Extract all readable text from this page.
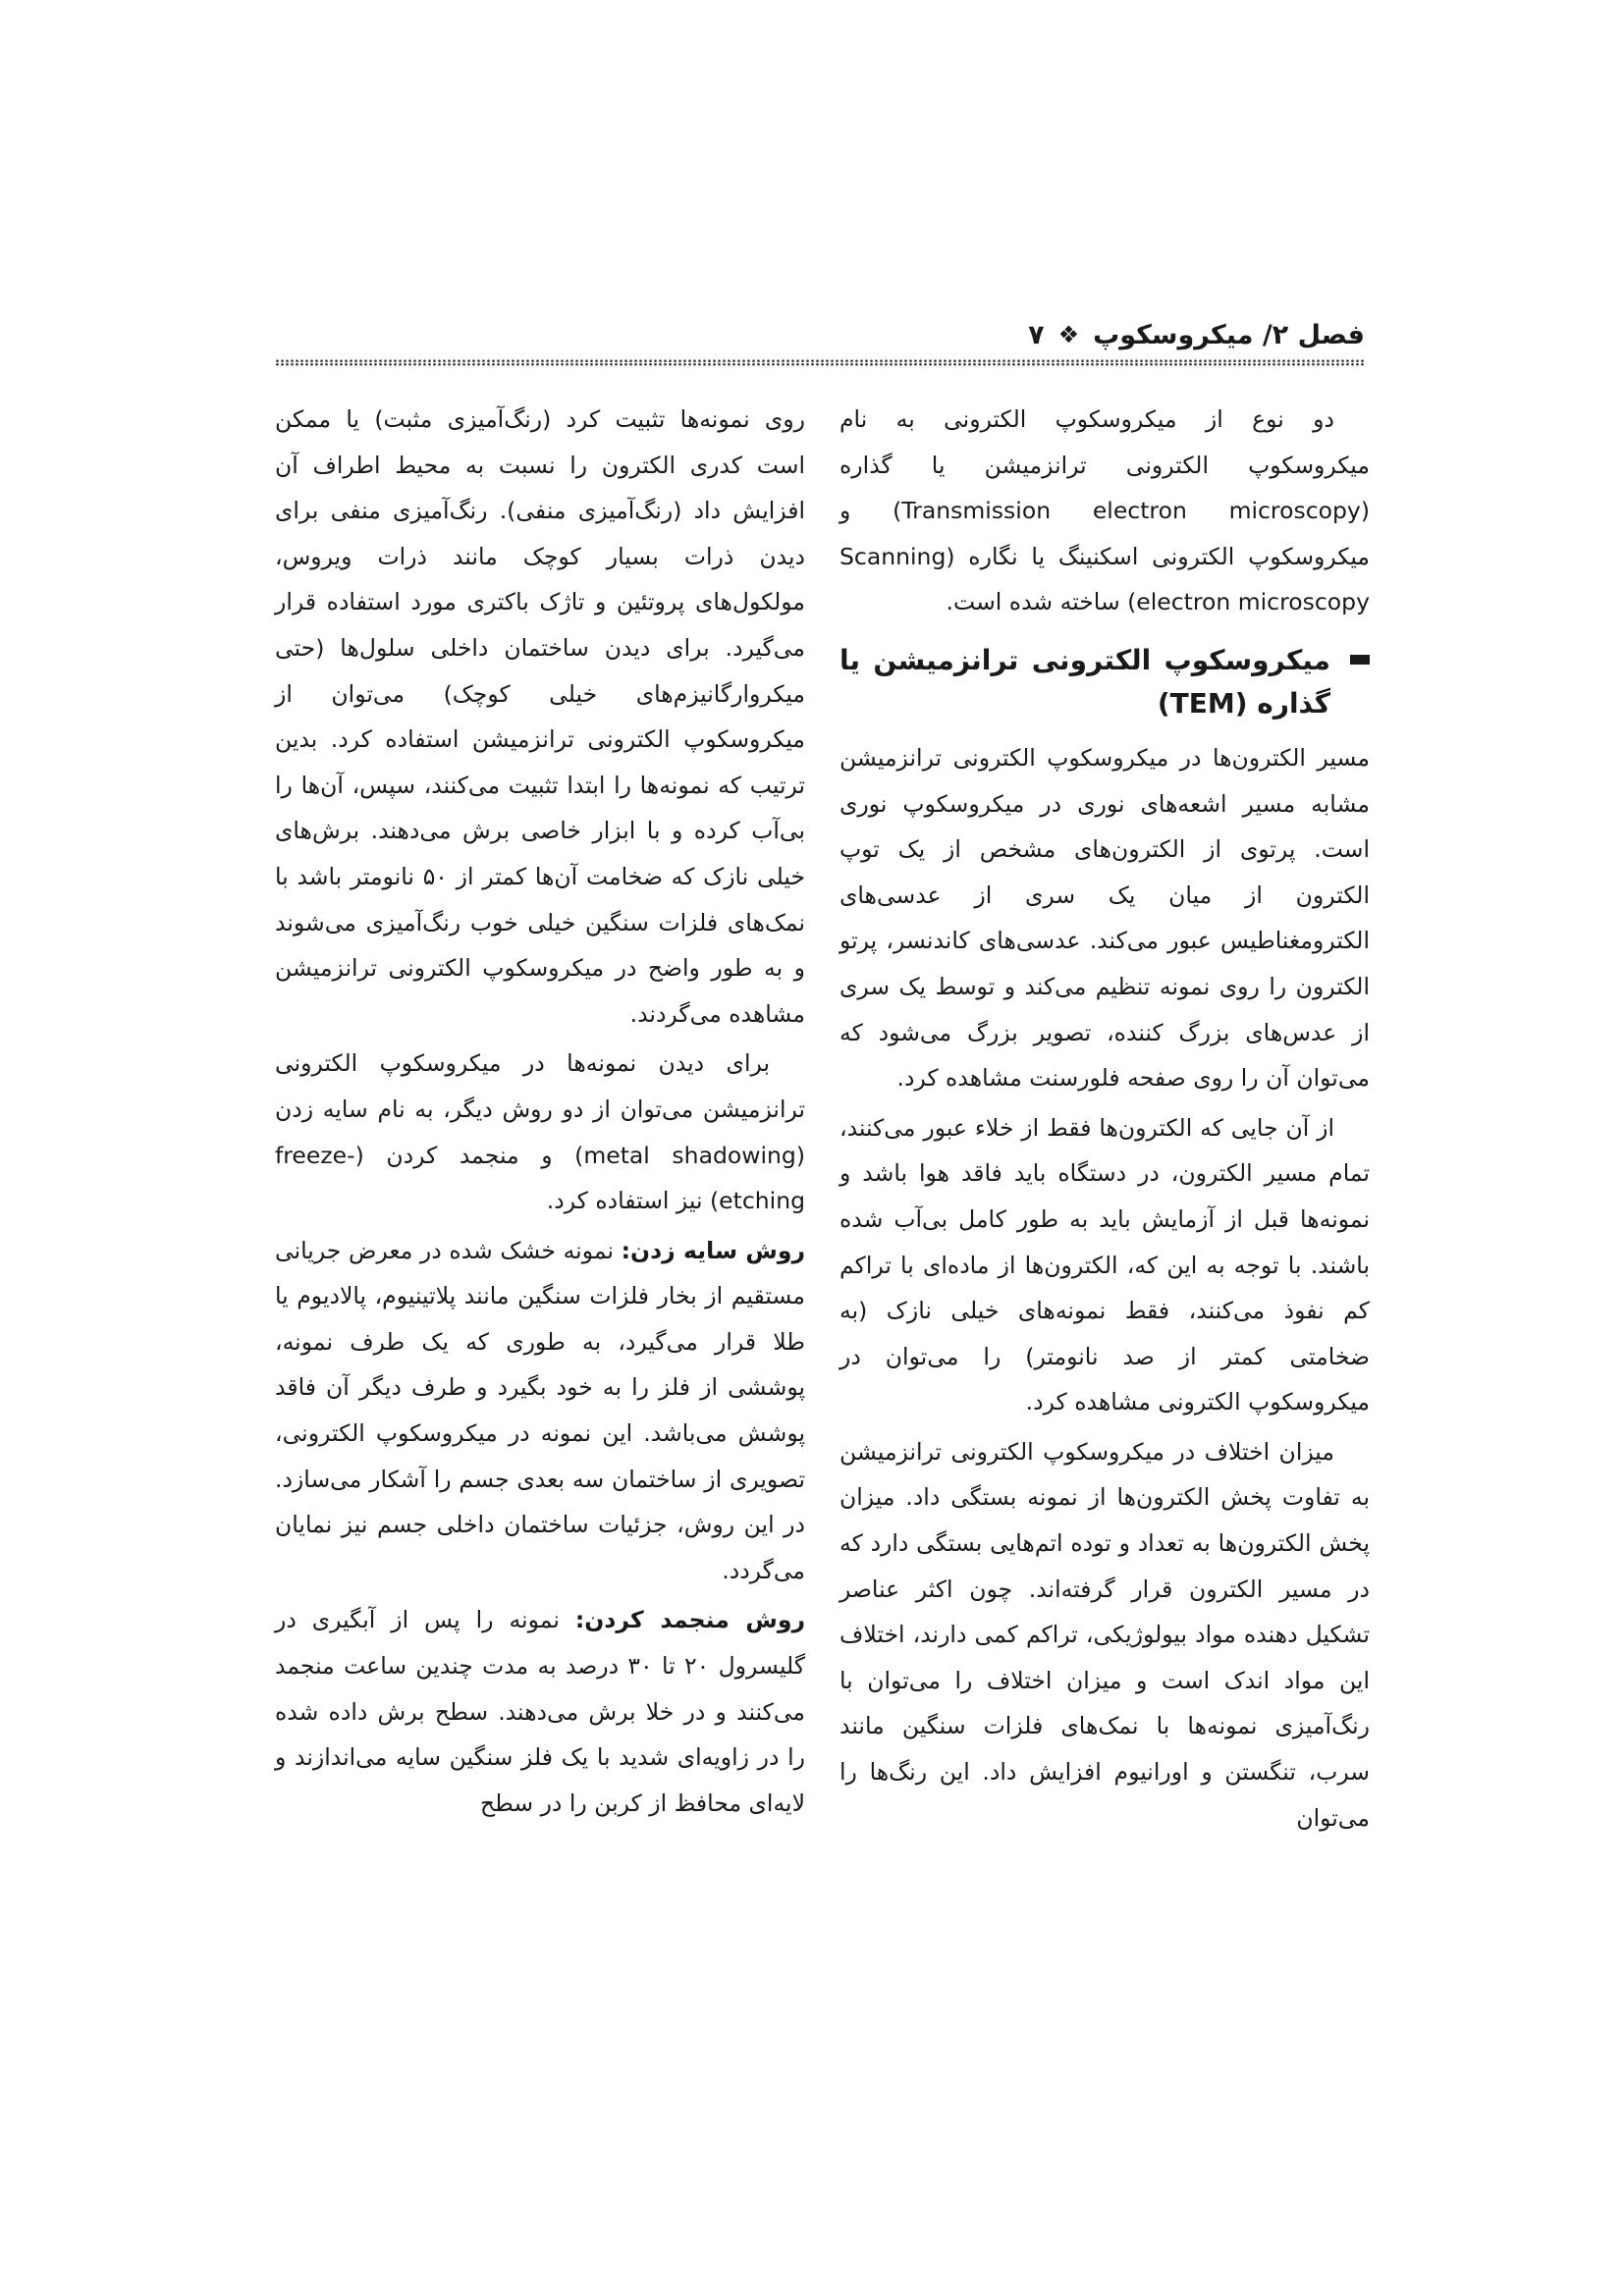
فصل ۲/ میکروسکوپ
❖
۷

دو نوع از میکروسکوپ الکترونی به نام میکروسکوپ الکترونی ترانزمیشن یا گذاره (Transmission electron microscopy) و میکروسکوپ الکترونی اسکنینگ یا نگاره (Scanning electron microscopy) ساخته شده است.

میکروسکوپ الکترونی ترانزمیشن یا گذاره (TEM)

مسیر الکترون‌ها در میکروسکوپ الکترونی ترانزمیشن مشابه مسیر اشعه‌های نوری در میکروسکوپ نوری است. پرتوی از الکترون‌های مشخص از یک توپ الکترون از میان یک سری از عدسی‌های الکترومغناطیس عبور می‌کند. عدسی‌های کاندنسر، پرتو الکترون را روی نمونه تنظیم می‌کند و توسط یک سری از عدس‌های بزرگ کننده، تصویر بزرگ می‌شود که می‌توان آن را روی صفحه فلورسنت مشاهده کرد.

از آن جایی که الکترون‌ها فقط از خلاء عبور می‌کنند، تمام مسیر الکترون، در دستگاه باید فاقد هوا باشد و نمونه‌ها قبل از آزمایش باید به طور کامل بی‌آب شده باشند. با توجه به این که، الکترون‌ها از ماده‌ای با تراکم کم نفوذ می‌کنند، فقط نمونه‌های خیلی نازک (به ضخامتی کمتر از صد نانومتر) را می‌توان در میکروسکوپ الکترونی مشاهده کرد.

میزان اختلاف در میکروسکوپ الکترونی ترانزمیشن به تفاوت پخش الکترون‌ها از نمونه بستگی داد. میزان پخش الکترون‌ها به تعداد و توده اتم‌هایی بستگی دارد که در مسیر الکترون قرار گرفته‌اند. چون اکثر عناصر تشکیل دهنده مواد بیولوژیکی، تراکم کمی دارند، اختلاف این مواد اندک است و میزان اختلاف را می‌توان با رنگ‌آمیزی نمونه‌ها با نمک‌های فلزات سنگین مانند سرب، تنگستن و اورانیوم افزایش داد. این رنگ‌ها را می‌توان

روی نمونه‌ها تثبیت کرد (رنگ‌آمیزی مثبت) یا ممکن است کدری الکترون را نسبت به محیط اطراف آن افزایش داد (رنگ‌آمیزی منفی). رنگ‌آمیزی منفی برای دیدن ذرات بسیار کوچک مانند ذرات ویروس، مولکول‌های پروتئین و تاژک باکتری مورد استفاده قرار می‌گیرد. برای دیدن ساختمان داخلی سلول‌ها (حتی میکروارگانیزم‌های خیلی کوچک) می‌توان از میکروسکوپ الکترونی ترانزمیشن استفاده کرد. بدین ترتیب که نمونه‌ها را ابتدا تثبیت می‌کنند، سپس، آن‌ها را بی‌آب کرده و با ابزار خاصی برش می‌دهند. برش‌های خیلی نازک که ضخامت آن‌ها کمتر از ۵۰ نانومتر باشد با نمک‌های فلزات سنگین خیلی خوب رنگ‌آمیزی می‌شوند و به طور واضح در میکروسکوپ الکترونی ترانزمیشن مشاهده می‌گردند.

برای دیدن نمونه‌ها در میکروسکوپ الکترونی ترانزمیشن می‌توان از دو روش دیگر، به نام سایه زدن (metal shadowing) و منجمد کردن (freeze-etching) نیز استفاده کرد.

روش سایه زدن: نمونه خشک شده در معرض جریانی مستقیم از بخار فلزات سنگین مانند پلاتینیوم، پالادیوم یا طلا قرار می‌گیرد، به طوری که یک طرف نمونه، پوششی از فلز را به خود بگیرد و طرف دیگر آن فاقد پوشش می‌باشد. این نمونه در میکروسکوپ الکترونی، تصویری از ساختمان سه بعدی جسم را آشکار می‌سازد. در این روش، جزئیات ساختمان داخلی جسم نیز نمایان می‌گردد.

روش منجمد کردن: نمونه را پس از آبگیری در گلیسرول ۲۰ تا ۳۰ درصد به مدت چندین ساعت منجمد می‌کنند و در خلا برش می‌دهند. سطح برش داده شده را در زاویه‌ای شدید با یک فلز سنگین سایه می‌اندازند و لایه‌ای محافظ از کربن را در سطح
